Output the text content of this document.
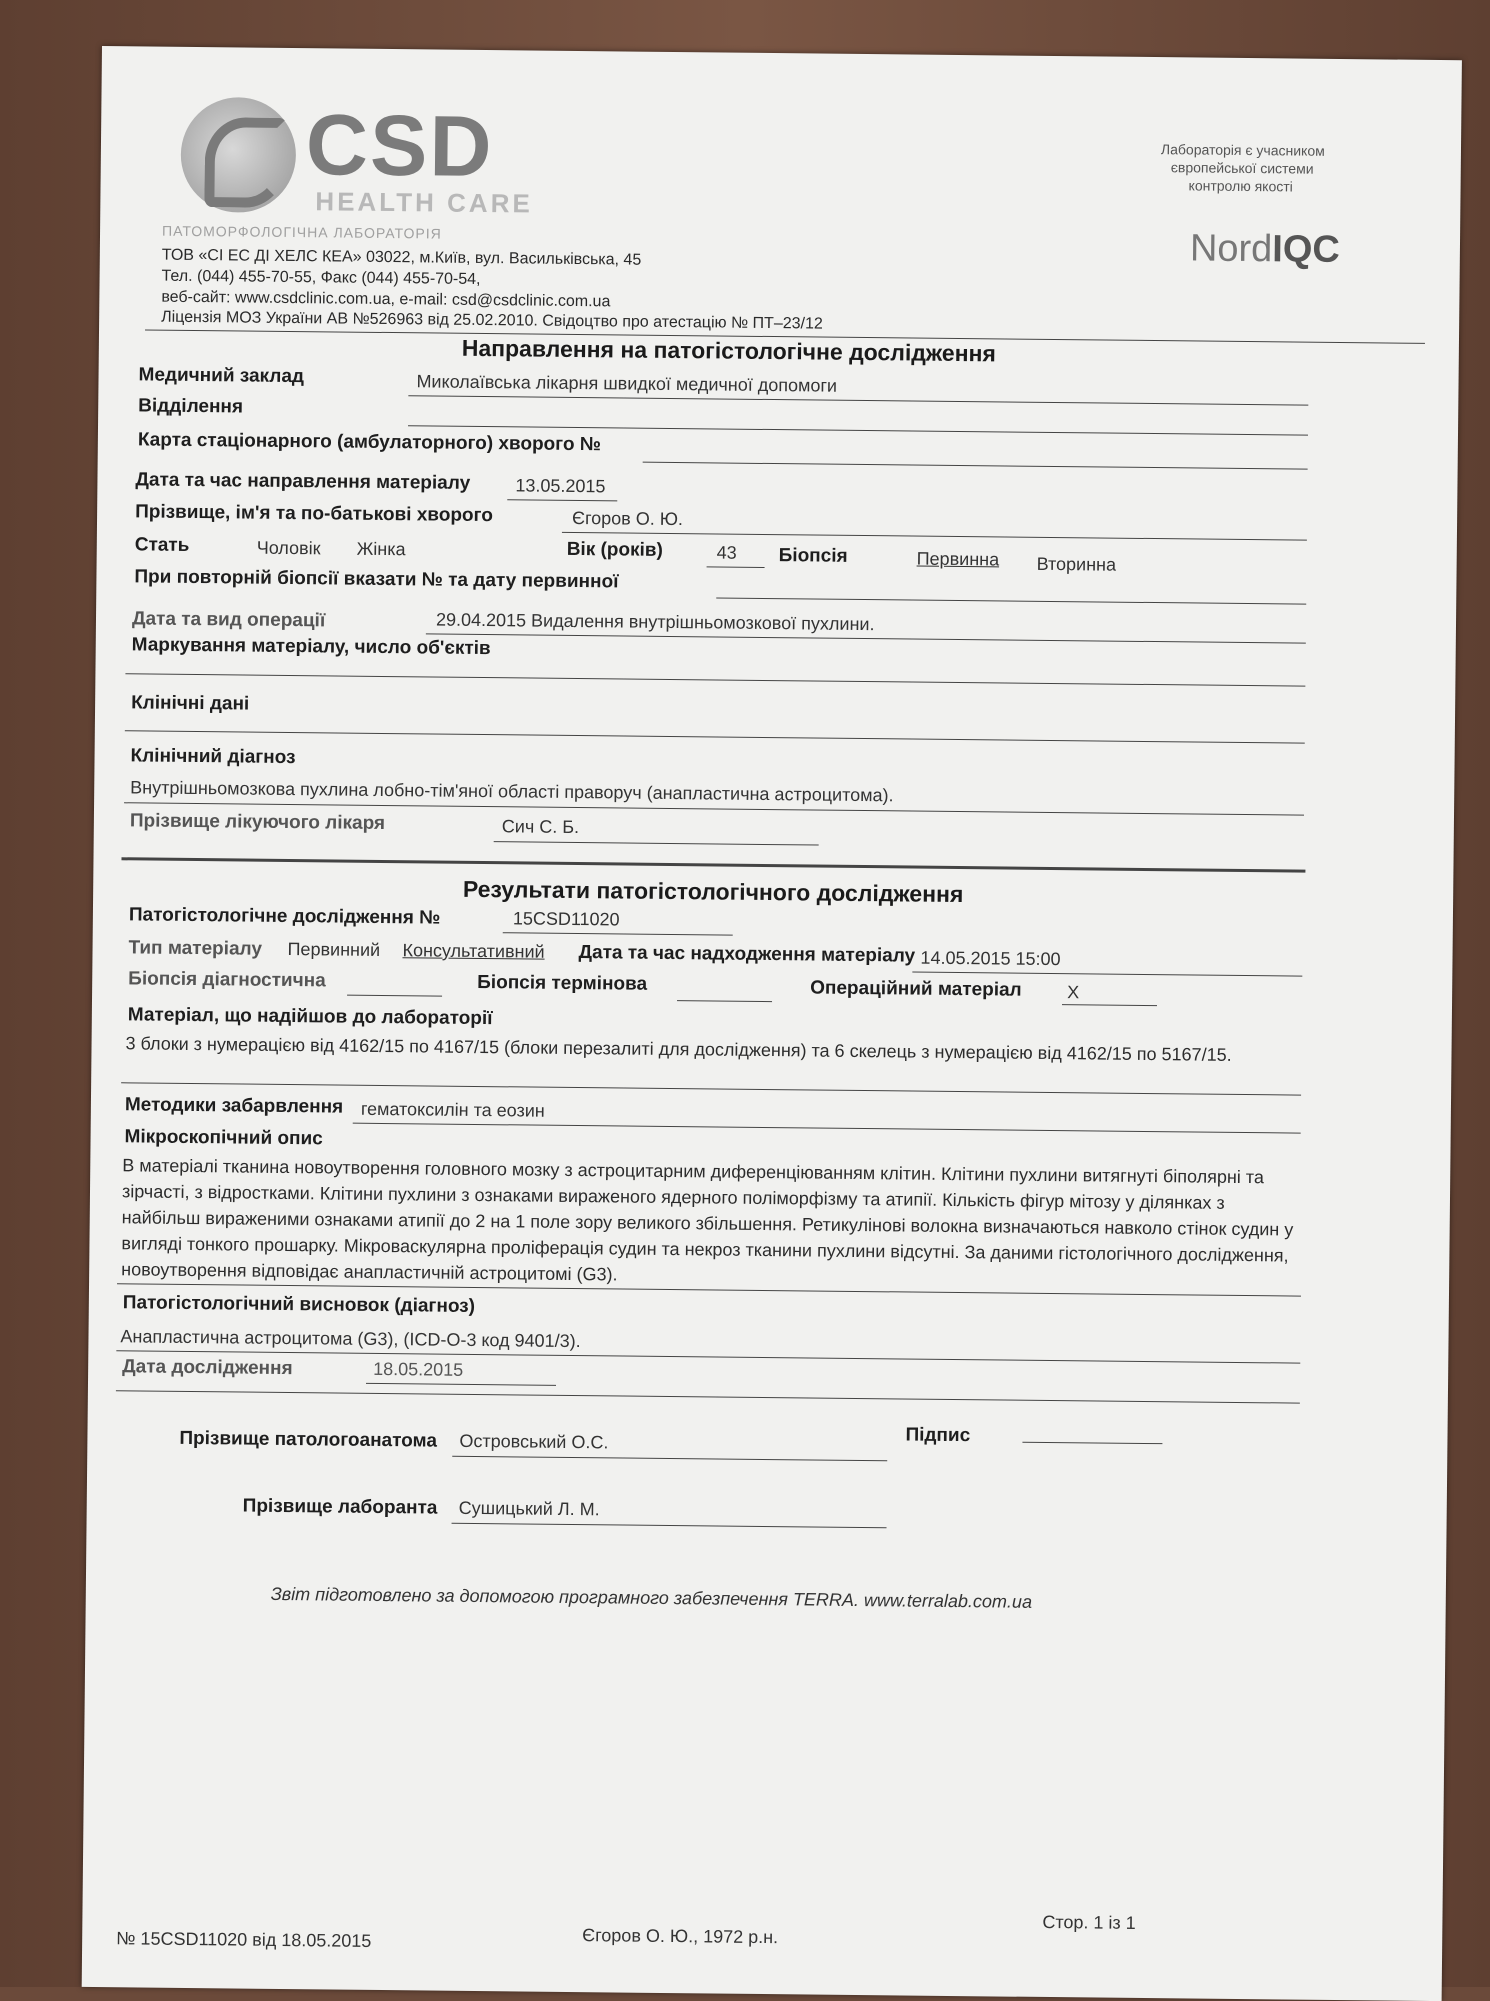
CSD
HEALTH CARE
ПАТОМОРФОЛОГІЧНА ЛАБОРАТОРІЯ
ТОВ «СІ ЕС ДІ ХЕЛС КЕА» 03022, м.Київ, вул. Васильківська, 45
Тел. (044) 455-70-55, Факс (044) 455-70-54,
веб-сайт: www.csdclinic.com.ua, e-mail: csd@csdclinic.com.ua
Ліцензія МОЗ України АВ №526963 від 25.02.2010. Свідоцтво про атестацію № ПТ–23/12
Лабораторія є учасником
європейської системи
контролю якості
NordIQC
Направлення на патогістологічне дослідження
Медичний заклад	Миколаївська лікарня швидкої медичної допомоги
Відділення
Карта стаціонарного (амбулаторного) хворого №
Дата та час направлення матеріалу	13.05.2015
Прізвище, ім'я та по-батькові хворого	Єгоров О. Ю.
Стать	Чоловік Жінка	Вік (років)	43 Біопсія	Первинна Вторинна
При повторній біопсії вказати № та дату первинної
Дата та вид операції	29.04.2015 Видалення внутрішньомозкової пухлини.
Маркування матеріалу, число об'єктів
Клінічні дані
Клінічний діагноз
Внутрішньомозкова пухлина лобно-тім'яної області праворуч (анапластична астроцитома).
Прізвище лікуючого лікаря	Сич С. Б.
Результати патогістологічного дослідження
Патогістологічне дослідження №	15CSD11020
Тип матеріалу Первинний Консультативний Дата та час надходження матеріалу 14.05.2015 15:00
Біопсія діагностична	Біопсія термінова	Операційний матеріал	X
Матеріал, що надійшов до лабораторії
3 блоки з нумерацією від 4162/15 по 4167/15 (блоки перезалиті для дослідження) та 6 скелець з нумерацією від 4162/15 по 5167/15.
Методики забарвлення гематоксилін та еозин
Мікроскопічний опис
В матеріалі тканина новоутворення головного мозку з астроцитарним диференціюванням клітин. Клітини пухлини витягнуті біполярні та зірчасті, з відростками. Клітини пухлини з ознаками вираженого ядерного поліморфізму та атипії. Кількість фігур мітозу у ділянках з найбільш вираженими ознаками атипії до 2 на 1 поле зору великого збільшення. Ретикулінові волокна визначаються навколо стінок судин у вигляді тонкого прошарку. Мікроваскулярна проліферація судин та некроз тканини пухлини відсутні. За даними гістологічного дослідження, новоутворення відповідає анапластичній астроцитомі (G3).
Патогістологічний висновок (діагноз)
Анапластична астроцитома (G3), (ICD-O-3 код 9401/3).
Дата дослідження	18.05.2015
Прізвище патологоанатома Островський О.С.	Підпис
Прізвище лаборанта Сушицький Л. М.
Звіт підготовлено за допомогою програмного забезпечення TERRA. www.terralab.com.ua
№ 15CSD11020 від 18.05.2015	Єгоров О. Ю., 1972 р.н.
Стор. 1 із 1
